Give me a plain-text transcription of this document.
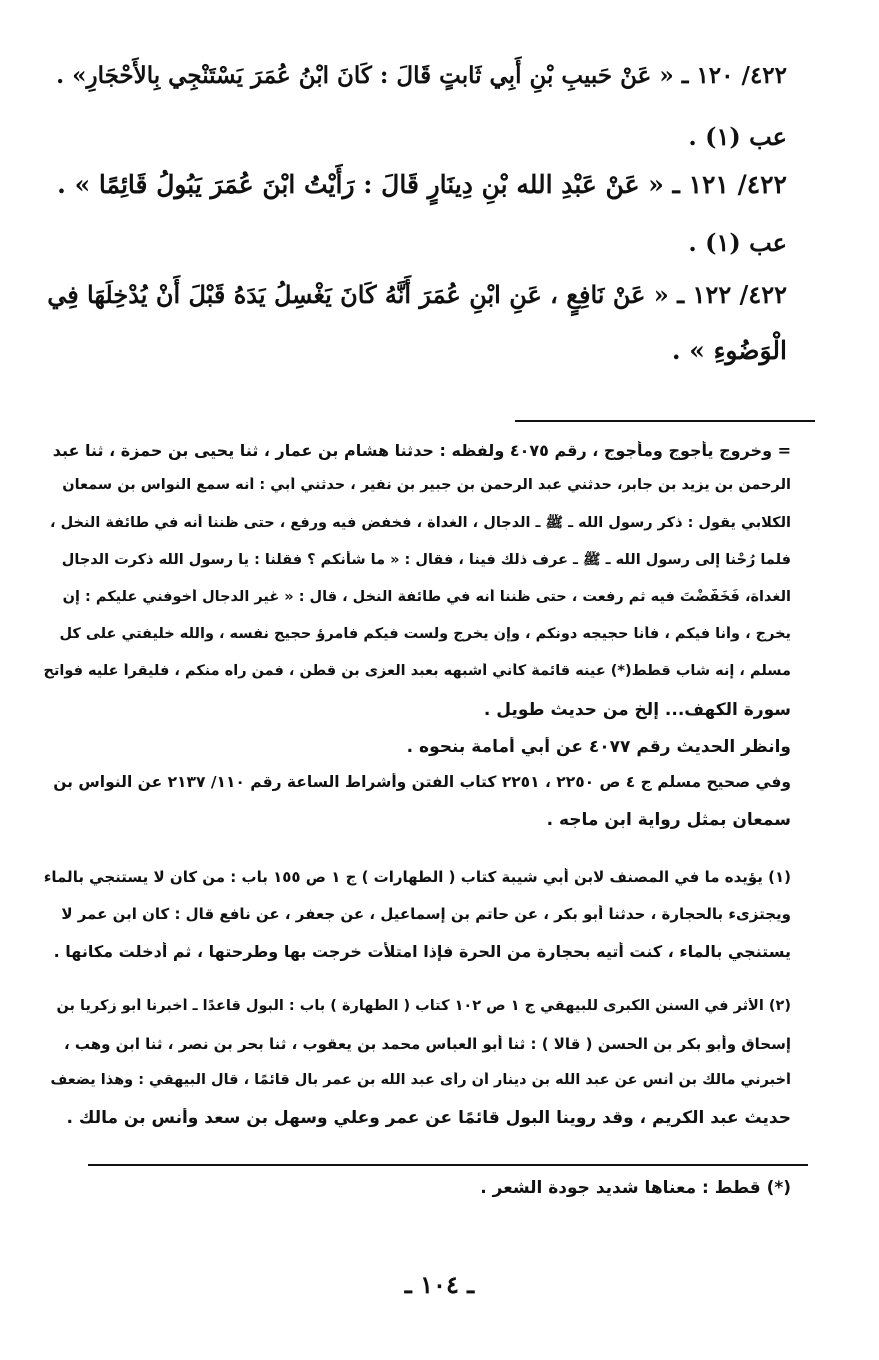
٤٢٢/ ١٢٠ ـ « عَنْ حَبيبِ بْنِ أَبِي ثَابتٍ قَالَ : كَانَ ابْنُ عُمَرَ يَسْتَنْجِي بِالأَحْجَارِ» .
عب (١) .
٤٢٢/ ١٢١ ـ « عَنْ عَبْدِ الله بْنِ دِينَارٍ قَالَ : رَأَيْتُ ابْنَ عُمَرَ يَبُولُ قَائِمًا » .
عب (١) .
٤٢٢/ ١٢٢ ـ « عَنْ نَافِعٍ ، عَنِ ابْنِ عُمَرَ أَنَّهُ كَانَ يَغْسِلُ يَدَهُ قَبْلَ أَنْ يُدْخِلَهَا فِي
الْوَضُوءِ » .
= وخروج يأجوج ومأجوج ، رقم ٤٠٧٥ ولفظه : حدثنا هشام بن عمار ، ثنا يحيى بن حمزة ، ثنا عبد
الرحمن بن يزيد بن جابر، حدثني عبد الرحمن بن جبير بن نفير ، حدثني أبي : أنه سمع النواس بن سمعان
الكلابي يقول : ذكر رسول الله ـ ﷺ ـ الدجال ، الغداة ، فخفض فيه ورفع ، حتى ظننا أنه في طائفة النخل ،
فلما رُحْنا إلى رسول الله ـ ﷺ ـ عرف ذلك فينا ، فقال : « ما شأنكم ؟ فقلنا : يا رسول الله ذكرت الدجال
الغداة، فَخَفَّضْتَ فيه ثم رفعت ، حتى ظننا أنه في طائفة النخل ، قال : « غير الدجال أخوفني عليكم : إن
يخرج ، وأنا فيكم ، فأنا حجيجه دونكم ، وإن يخرج ولست فيكم فامرؤ حجيج نفسه ، والله خليفتي على كل
مسلم ، إنه شاب قطط(*) عينه قائمة كأني أشبهه بعبد العزى بن قطن ، فمن رآه منكم ، فليقرأ عليه فواتح
سورة الكهف... إلخ من حديث طويل .
وانظر الحديث رقم ٤٠٧٧ عن أبي أمامة بنحوه .
وفي صحيح مسلم ج ٤ ص ٢٢٥٠ ، ٢٢٥١ كتاب الفتن وأشراط الساعة رقم ١١٠/ ٢١٣٧ عن النواس بن
سمعان بمثل رواية ابن ماجه .
(١) يؤيده ما في المصنف لابن أبي شيبة كتاب ( الطهارات ) ج ١ ص ١٥٥ باب : من كان لا يستنجي بالماء
ويجتزىء بالحجارة ، حدثنا أبو بكر ، عن حاتم بن إسماعيل ، عن جعفر ، عن نافع قال : كان ابن عمر لا
يستنجي بالماء ، كنت أتيه بحجارة من الحرة فإذا امتلأت خرجت بها وطرحتها ، ثم أدخلت مكانها .
(٢) الأثر في السنن الكبرى للبيهقي ج ١ ص ١٠٢ كتاب ( الطهارة ) باب : البول قاعدًا ـ أخبرنا أبو زكريا بن
إسحاق وأبو بكر بن الحسن ( قالا ) : ثنا أبو العباس محمد بن يعقوب ، ثنا بحر بن نصر ، ثنا ابن وهب ،
أخبرني مالك بن أنس عن عبد الله بن دينار أن رأى عبد الله بن عمر بال قائمًا ، قال البيهقي : وهذا يضعف
حديث عبد الكريم ، وقد روينا البول قائمًا عن عمر وعلي وسهل بن سعد وأنس بن مالك .
(*) قطط : معناها شديد جودة الشعر .
ـ ١٠٤ ـ
